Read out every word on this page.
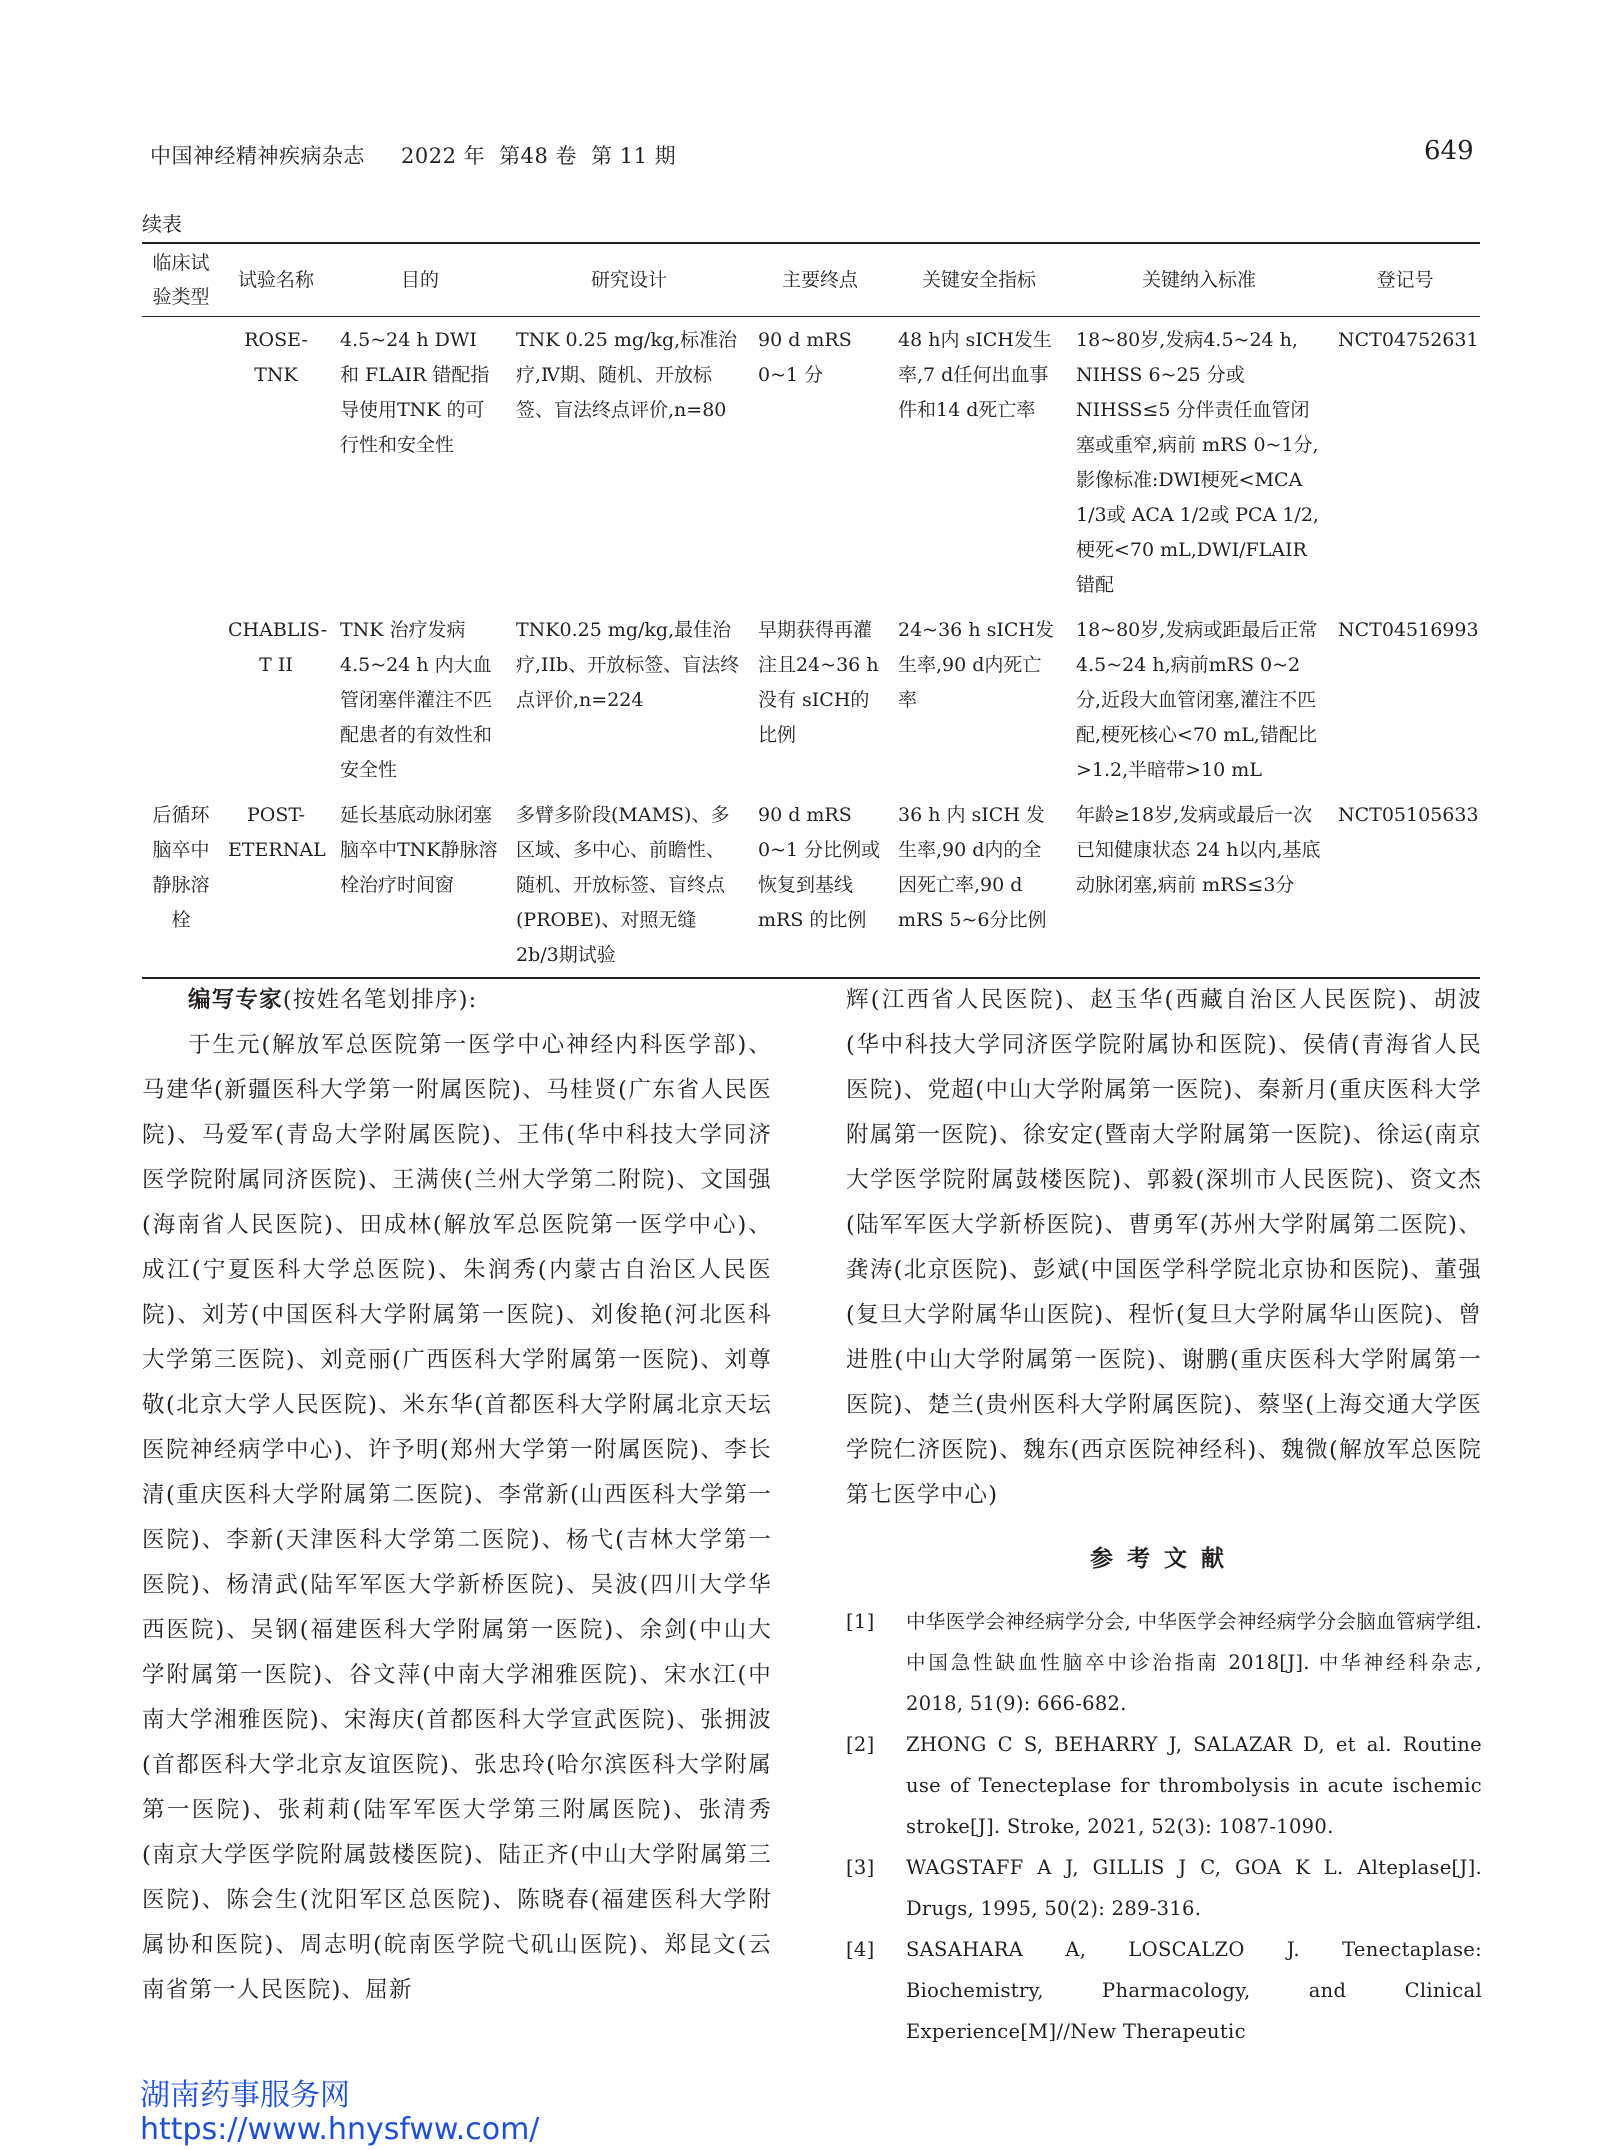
中国神经精神疾病杂志 2022 年 第48 卷 第 11 期	649
续表
临床试验类型	试验名称	目的	研究设计	主要终点	关键安全指标	关键纳入标准	登记号
	ROSE-TNK	4.5~24 h DWI 和 FLAIR 错配指导使用TNK 的可行性和安全性	TNK 0.25 mg/kg,标准治疗,Ⅳ期、随机、开放标签、盲法终点评价,n=80	90 d mRS 0~1 分	48 h内 sICH发生率,7 d任何出血事件和14 d死亡率	18~80岁,发病4.5~24 h, NIHSS 6~25 分或 NIHSS≤5 分伴责任血管闭塞或重窄,病前 mRS 0~1分,影像标准:DWI梗死<MCA 1/3或 ACA 1/2或 PCA 1/2,梗死<70 mL,DWI/FLAIR错配	NCT04752631
	CHABLIS-T II	TNK 治疗发病4.5~24 h 内大血管闭塞伴灌注不匹配患者的有效性和安全性	TNK0.25 mg/kg,最佳治疗,IIb、开放标签、盲法终点评价,n=224	早期获得再灌注且24~36 h 没有 sICH的比例	24~36 h sICH发生率,90 d内死亡率	18~80岁,发病或距最后正常4.5~24 h,病前mRS 0~2分,近段大血管闭塞,灌注不匹配,梗死核心<70 mL,错配比>1.2,半暗带>10 mL	NCT04516993
后循环脑卒中静脉溶栓	POST-ETERNAL	延长基底动脉闭塞脑卒中TNK静脉溶栓治疗时间窗	多臂多阶段(MAMS)、多区域、多中心、前瞻性、随机、开放标签、盲终点(PROBE)、对照无缝 2b/3期试验	90 d mRS 0~1 分比例或恢复到基线 mRS 的比例	36 h 内 sICH 发生率,90 d内的全因死亡率,90 d mRS 5~6分比例	年龄≥18岁,发病或最后一次已知健康状态 24 h以内,基底动脉闭塞,病前 mRS≤3分	NCT05105633

编写专家(按姓名笔划排序):

于生元(解放军总医院第一医学中心神经内科医学部)、马建华(新疆医科大学第一附属医院)、马桂贤(广东省人民医院)、马爱军(青岛大学附属医院)、王伟(华中科技大学同济医学院附属同济医院)、王满侠(兰州大学第二附院)、文国强(海南省人民医院)、田成林(解放军总医院第一医学中心)、成江(宁夏医科大学总医院)、朱润秀(内蒙古自治区人民医院)、刘芳(中国医科大学附属第一医院)、刘俊艳(河北医科大学第三医院)、刘竞丽(广西医科大学附属第一医院)、刘尊敬(北京大学人民医院)、米东华(首都医科大学附属北京天坛医院神经病学中心)、许予明(郑州大学第一附属医院)、李长清(重庆医科大学附属第二医院)、李常新(山西医科大学第一医院)、李新(天津医科大学第二医院)、杨弋(吉林大学第一医院)、杨清武(陆军军医大学新桥医院)、吴波(四川大学华西医院)、吴钢(福建医科大学附属第一医院)、余剑(中山大学附属第一医院)、谷文萍(中南大学湘雅医院)、宋水江(中南大学湘雅医院)、宋海庆(首都医科大学宣武医院)、张拥波(首都医科大学北京友谊医院)、张忠玲(哈尔滨医科大学附属第一医院)、张莉莉(陆军军医大学第三附属医院)、张清秀(南京大学医学院附属鼓楼医院)、陆正齐(中山大学附属第三医院)、陈会生(沈阳军区总医院)、陈晓春(福建医科大学附属协和医院)、周志明(皖南医学院弋矶山医院)、郑昆文(云南省第一人民医院)、屈新

辉(江西省人民医院)、赵玉华(西藏自治区人民医院)、胡波(华中科技大学同济医学院附属协和医院)、侯倩(青海省人民医院)、党超(中山大学附属第一医院)、秦新月(重庆医科大学附属第一医院)、徐安定(暨南大学附属第一医院)、徐运(南京大学医学院附属鼓楼医院)、郭毅(深圳市人民医院)、资文杰(陆军军医大学新桥医院)、曹勇军(苏州大学附属第二医院)、龚涛(北京医院)、彭斌(中国医学科学院北京协和医院)、董强(复旦大学附属华山医院)、程忻(复旦大学附属华山医院)、曾进胜(中山大学附属第一医院)、谢鹏(重庆医科大学附属第一医院)、楚兰(贵州医科大学附属医院)、蔡坚(上海交通大学医学院仁济医院)、魏东(西京医院神经科)、魏微(解放军总医院第七医学中心)

参考文献
[1]	中华医学会神经病学分会, 中华医学会神经病学分会脑血管病学组. 中国急性缺血性脑卒中诊治指南 2018[J]. 中华神经科杂志, 2018, 51(9): 666-682.
[2]	ZHONG C S, BEHARRY J, SALAZAR D, et al. Routine use of Tenecteplase for thrombolysis in acute ischemic stroke[J]. Stroke, 2021, 52(3): 1087-1090.
[3]	WAGSTAFF A J, GILLIS J C, GOA K L. Alteplase[J]. Drugs, 1995, 50(2): 289-316.
[4]	SASAHARA A, LOSCALZO J. Tenectaplase: Biochemistry, Pharmacology, and Clinical Experience[M]//New Therapeutic
湖南药事服务网
https://www.hnysfww.com/
